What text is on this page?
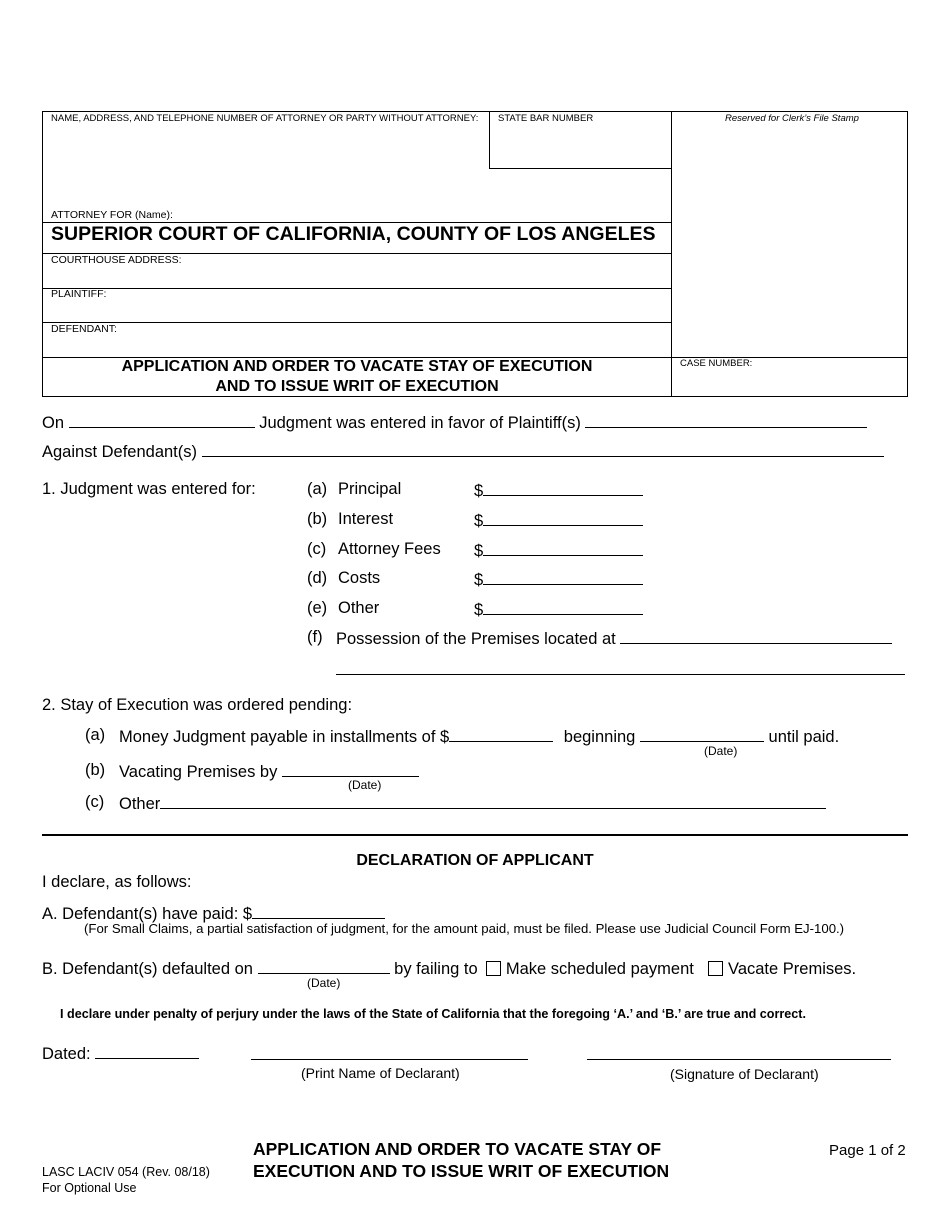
NAME, ADDRESS, AND TELEPHONE NUMBER OF ATTORNEY OR PARTY WITHOUT ATTORNEY: STATE BAR NUMBER	Reserved for Clerk’s File Stamp
ATTORNEY FOR (Name):
SUPERIOR COURT OF CALIFORNIA, COUNTY OF LOS ANGELES
COURTHOUSE ADDRESS:
PLAINTIFF:
DEFENDANT:
APPLICATION AND ORDER TO VACATE STAY OF EXECUTION
AND TO ISSUE WRIT OF EXECUTION
CASE NUMBER:
On	Judgment was entered in favor of Plaintiff(s)
Against Defendant(s)
1. Judgment was entered for:	(a) Principal	$
(b) Interest	$
(c) Attorney Fees $
(d) Costs	$
(e) Other	$
(f) Possession of the Premises located at
2. Stay of Execution was ordered pending:
(a) Money Judgment payable in installments of $	beginning	until paid.
(Date)
(b) Vacating Premises by
(Date)
(c) Other
DECLARATION OF APPLICANT
I declare, as follows:
A. Defendant(s) have paid: $
(For Small Claims, a partial satisfaction of judgment, for the amount paid, must be filed. Please use Judicial Council Form EJ-100.)
B. Defendant(s) defaulted on	by failing to Make scheduled payment Vacate Premises.
(Date)
I declare under penalty of perjury under the laws of the State of California that the foregoing ‘A.’ and ‘B.’ are true and correct.
Dated:
(Print Name of Declarant)	(Signature of Declarant)
LASC LACIV 054 (Rev. 08/18)
For Optional Use
APPLICATION AND ORDER TO VACATE STAY OF
EXECUTION AND TO ISSUE WRIT OF EXECUTION
Page 1 of 2
